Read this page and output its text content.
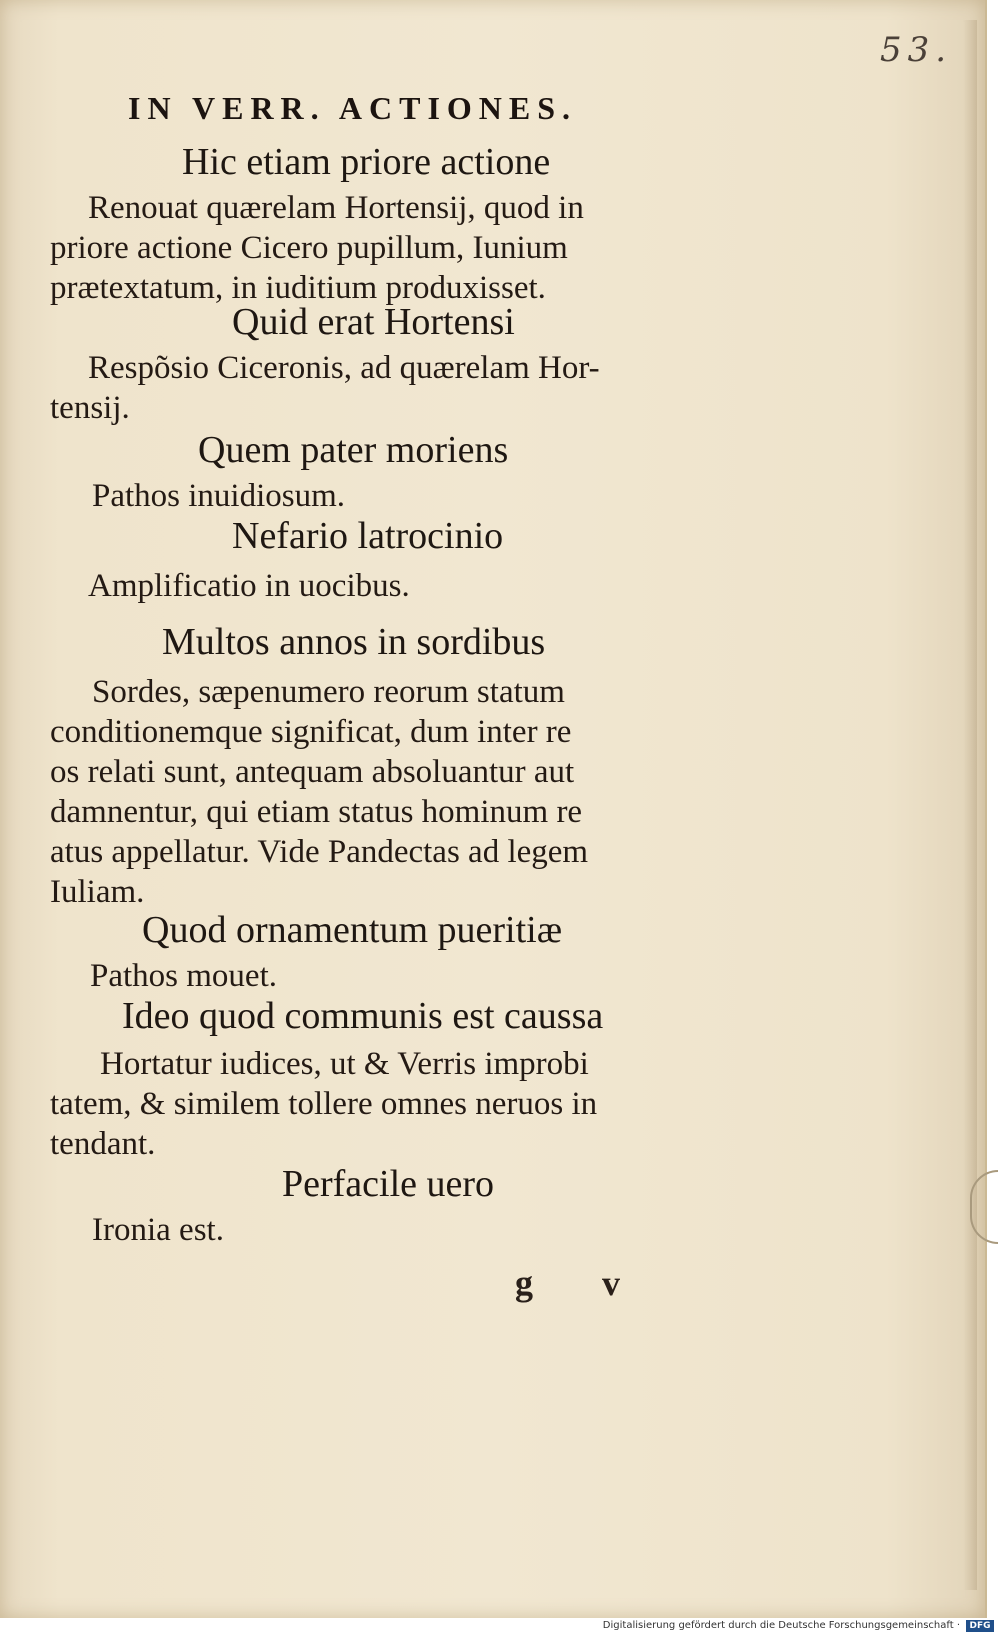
53.
IN VERR. ACTIONES.
Hic etiam priore actione
Renouat quærelam Hortensij, quod in
priore actione Cicero pupillum, Iunium
prætextatum, in iuditium produxisset.
Quid erat Hortensi
Respõsio Ciceronis, ad quærelam Hor-
tensij.
Quem pater moriens
Pathos inuidiosum.
Nefario latrocinio
Amplificatio in uocibus.
Multos annos in sordibus
Sordes, sæpenumero reorum statum
conditionemque significat, dum inter re
os relati sunt, antequam absoluantur aut
damnentur, qui etiam status hominum re
atus appellatur. Vide Pandectas ad legem
Iuliam.
Quod ornamentum pueritiæ
Pathos mouet.
Ideo quod communis est caussa
Hortatur iudices, ut & Verris improbi
tatem, & similem tollere omnes neruos in
tendant.
Perfacile uero
Ironia est.
g v
Digitalisierung gefördert durch die Deutsche Forschungsgemeinschaft ·	DFG
